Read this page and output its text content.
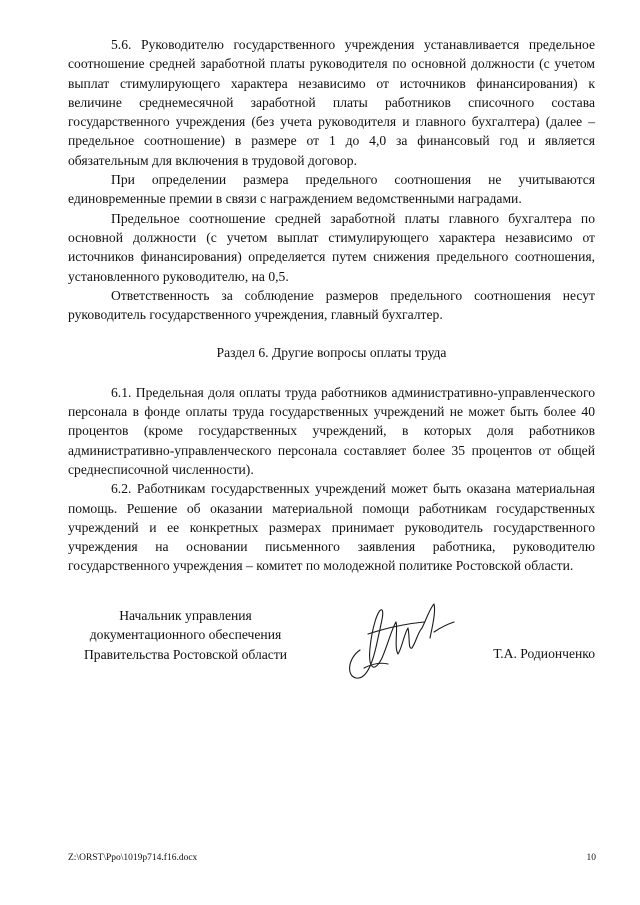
5.6. Руководителю государственного учреждения устанавливается предельное соотношение средней заработной платы руководителя по основной должности (с учетом выплат стимулирующего характера независимо от источников финансирования) к величине среднемесячной заработной платы работников списочного состава государственного учреждения (без учета руководителя и главного бухгалтера) (далее – предельное соотношение) в размере от 1 до 4,0 за финансовый год и является обязательным для включения в трудовой договор.

При определении размера предельного соотношения не учитываются единовременные премии в связи с награждением ведомственными наградами.

Предельное соотношение средней заработной платы главного бухгалтера по основной должности (с учетом выплат стимулирующего характера независимо от источников финансирования) определяется путем снижения предельного соотношения, установленного руководителю, на 0,5.

Ответственность за соблюдение размеров предельного соотношения несут руководитель государственного учреждения, главный бухгалтер.

Раздел 6. Другие вопросы оплаты труда

6.1. Предельная доля оплаты труда работников административно-управленческого персонала в фонде оплаты труда государственных учреждений не может быть более 40 процентов (кроме государственных учреждений, в которых доля работников административно-управленческого персонала составляет более 35 процентов от общей среднесписочной численности).

6.2. Работникам государственных учреждений может быть оказана материальная помощь. Решение об оказании материальной помощи работникам государственных учреждений и ее конкретных размерах принимает руководитель государственного учреждения на основании письменного заявления работника, руководителю государственного учреждения – комитет по молодежной политике Ростовской области.

Начальник управления
документационного обеспечения
Правительства Ростовской области	Т.А. Родионченко
Z:\ORST\Ppo\1019p714.f16.docx	10
